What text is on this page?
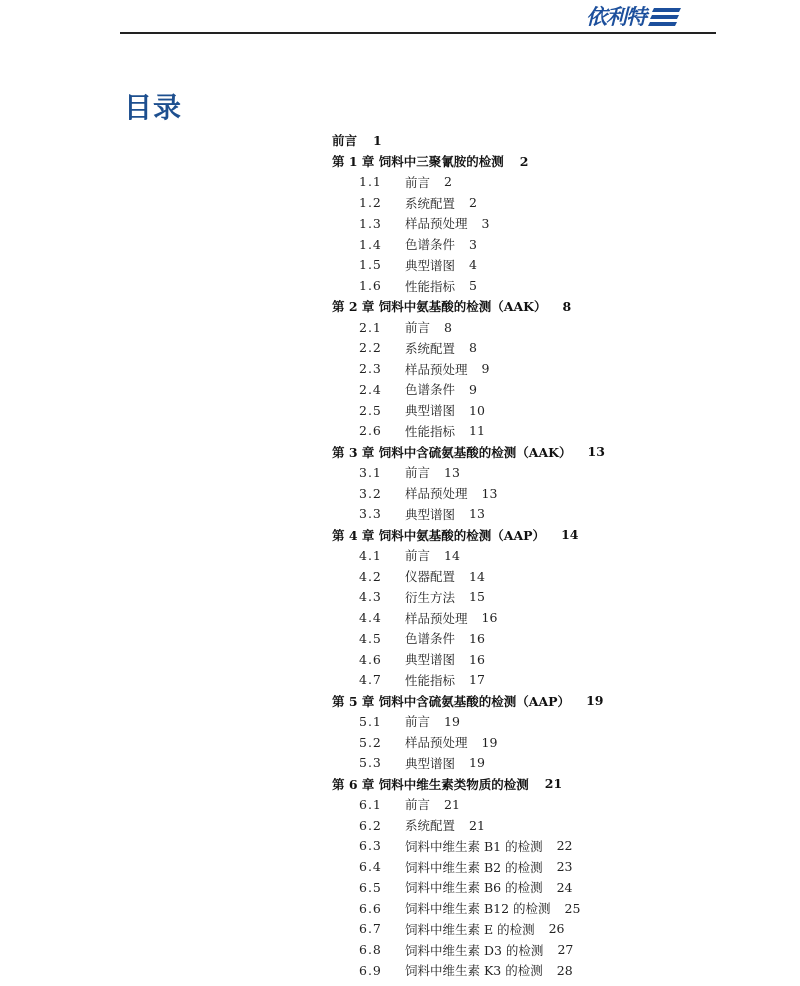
依利特
目录
前言 1
第 1 章 饲料中三聚氰胺的检测 2
1.1	前言 2
1.2	系统配置 2
1.3	样品预处理 3
1.4	色谱条件 3
1.5	典型谱图 4
1.6	性能指标 5
第 2 章 饲料中氨基酸的检测（AAK） 8
2.1	前言 8
2.2	系统配置 8
2.3	样品预处理 9
2.4	色谱条件 9
2.5	典型谱图 10
2.6	性能指标 11
第 3 章 饲料中含硫氨基酸的检测（AAK） 13
3.1	前言 13
3.2	样品预处理 13
3.3	典型谱图 13
第 4 章 饲料中氨基酸的检测（AAP） 14
4.1	前言 14
4.2	仪器配置 14
4.3	衍生方法 15
4.4	样品预处理 16
4.5	色谱条件 16
4.6	典型谱图 16
4.7	性能指标 17
第 5 章 饲料中含硫氨基酸的检测（AAP） 19
5.1	前言 19
5.2	样品预处理 19
5.3	典型谱图 19
第 6 章 饲料中维生素类物质的检测 21
6.1	前言 21
6.2	系统配置 21
6.3	饲料中维生素 B1 的检测 22
6.4	饲料中维生素 B2 的检测 23
6.5	饲料中维生素 B6 的检测 24
6.6	饲料中维生素 B12 的检测 25
6.7	饲料中维生素 E 的检测 26
6.8	饲料中维生素 D3 的检测 27
6.9	饲料中维生素 K3 的检测 28
